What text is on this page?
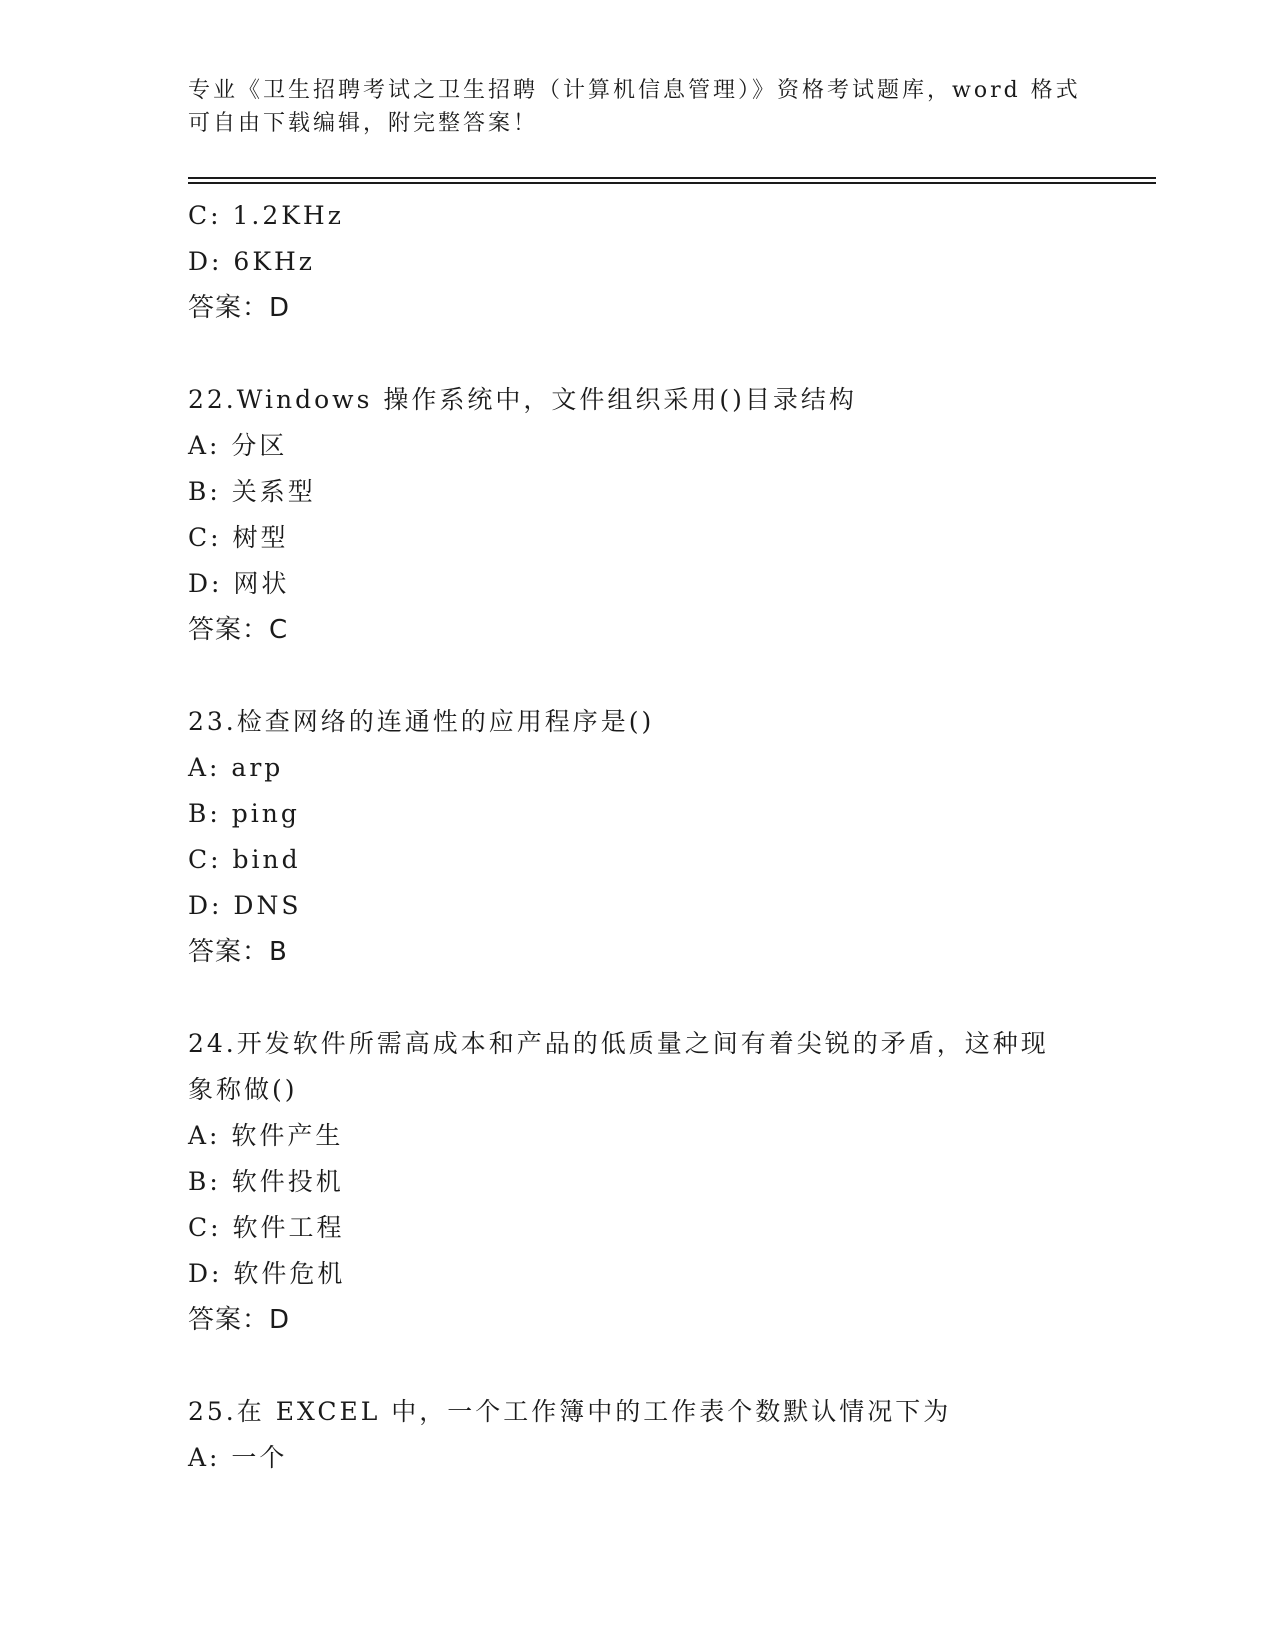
专业《卫生招聘考试之卫生招聘（计算机信息管理）》资格考试题库，word 格式
可自由下载编辑，附完整答案！
C: 1.2KHz
D: 6KHz
答案：D
22.Windows 操作系统中，文件组织采用()目录结构
A: 分区
B: 关系型
C: 树型
D: 网状
答案：C
23.检查网络的连通性的应用程序是()
A: arp
B: ping
C: bind
D: DNS
答案：B
24.开发软件所需高成本和产品的低质量之间有着尖锐的矛盾，这种现
象称做()
A: 软件产生
B: 软件投机
C: 软件工程
D: 软件危机
答案：D
25.在 EXCEL 中，一个工作簿中的工作表个数默认情况下为
A: 一个
